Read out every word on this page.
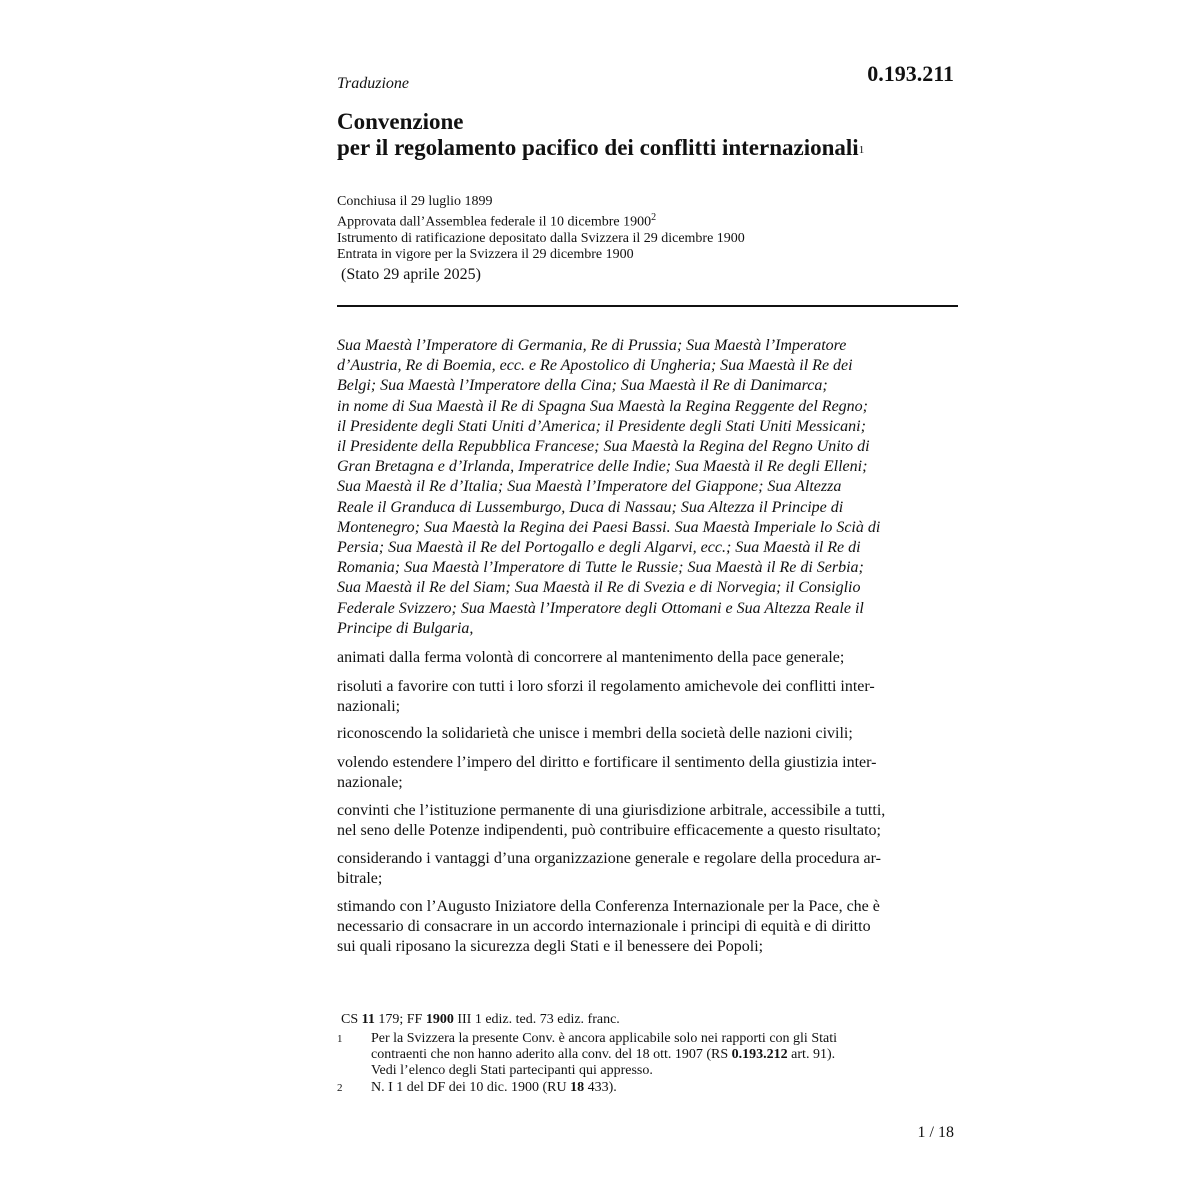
Traduzione	0.193.211
Convenzione
per il regolamento pacifico dei conflitti internazionali$^1$
Conchiusa il 29 luglio 1899
Approvata dall’Assemblea federale il 10 dicembre 1900$^2$
Istrumento di ratificazione depositato dalla Svizzera il 29 dicembre 1900
Entrata in vigore per la Svizzera il 29 dicembre 1900
(Stato 29 aprile 2025)
Sua Maestà l’Imperatore di Germania, Re di Prussia; Sua Maestà l’Imperatore
d’Austria, Re di Boemia, ecc. e Re Apostolico di Ungheria; Sua Maestà il Re dei
Belgi; Sua Maestà l’Imperatore della Cina; Sua Maestà il Re di Danimarca;
in nome di Sua Maestà il Re di Spagna Sua Maestà la Regina Reggente del Regno;
il Presidente degli Stati Uniti d’America; il Presidente degli Stati Uniti Messicani;
il Presidente della Repubblica Francese; Sua Maestà la Regina del Regno Unito di
Gran Bretagna e d’Irlanda, Imperatrice delle Indie; Sua Maestà il Re degli Elleni;
Sua Maestà il Re d’Italia; Sua Maestà l’Imperatore del Giappone; Sua Altezza
Reale il Granduca di Lussemburgo, Duca di Nassau; Sua Altezza il Principe di
Montenegro; Sua Maestà la Regina dei Paesi Bassi. Sua Maestà Imperiale lo Scià di
Persia; Sua Maestà il Re del Portogallo e degli Algarvi, ecc.; Sua Maestà il Re di
Romania; Sua Maestà l’Imperatore di Tutte le Russie; Sua Maestà il Re di Serbia;
Sua Maestà il Re del Siam; Sua Maestà il Re di Svezia e di Norvegia; il Consiglio
Federale Svizzero; Sua Maestà l’Imperatore degli Ottomani e Sua Altezza Reale il
Principe di Bulgaria,
animati dalla ferma volontà di concorrere al mantenimento della pace generale;
risoluti a favorire con tutti i loro sforzi il regolamento amichevole dei conflitti inter-
nazionali;
riconoscendo la solidarietà che unisce i membri della società delle nazioni civili;
volendo estendere l’impero del diritto e fortificare il sentimento della giustizia inter-
nazionale;
convinti che l’istituzione permanente di una giurisdizione arbitrale, accessibile a tutti,
nel seno delle Potenze indipendenti, può contribuire efficacemente a questo risultato;
considerando i vantaggi d’una organizzazione generale e regolare della procedura ar-
bitrale;
stimando con l’Augusto Iniziatore della Conferenza Internazionale per la Pace, che è
necessario di consacrare in un accordo internazionale i principi di equità e di diritto
sui quali riposano la sicurezza degli Stati e il benessere dei Popoli;
CS 11 179; FF 1900 III 1 ediz. ted. 73 ediz. franc.
1 Per la Svizzera la presente Conv. è ancora applicabile solo nei rapporti con gli Stati
contraenti che non hanno aderito alla conv. del 18 ott. 1907 (RS 0.193.212 art. 91).
Vedi l’elenco degli Stati partecipanti qui appresso.
2 N. I 1 del DF dei 10 dic. 1900 (RU 18 433).
1 / 18
